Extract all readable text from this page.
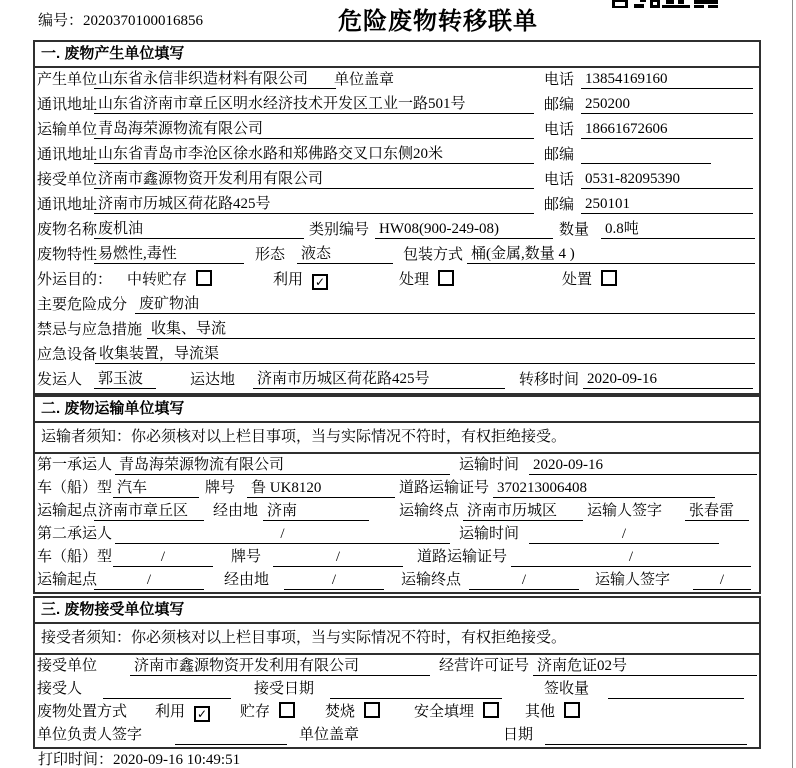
编号：2020370100016856	危险废物转移联单
一. 废物产生单位填写
产生单位 山东省永信非织造材料有限公司	单位盖章	电话 13854169160
通讯地址 山东省济南市章丘区明水经济技术开发区工业一路501号	邮编 250200
运输单位 青岛海荣源物流有限公司	电话 18661672606
通讯地址 山东省青岛市李沧区徐水路和郑佛路交叉口东侧20米	邮编
接受单位 济南市鑫源物资开发利用有限公司	电话 0531-82095390
通讯地址 济南市历城区荷花路425号	邮编 250101
废物名称 废机油	类别编号 HW08(900-249-08)	数量 0.8吨
废物特性 易燃性,毒性	形态 液态	包装方式 桶(金属,数量 4 )
外运目的： 中转贮存	利用 ✓	处理	处置
主要危险成分 废矿物油
禁忌与应急措施 收集、导流
应急设备 收集装置，导流渠
发运人 郭玉波	运达地 济南市历城区荷花路425号	转移时间 2020-09-16
二. 废物运输单位填写
运输者须知：你必须核对以上栏目事项，当与实际情况不符时，有权拒绝接受。
第一承运人 青岛海荣源物流有限公司	运输时间 2020-09-16
车（船）型 汽车	牌号 鲁 UK8120	道路运输证号 370213006408
运输起点 济南市章丘区	经由地 济南	运输终点 济南市历城区	运输人签字 张春雷
第二承运人	/	运输时间	/
车（船）型	/	牌号	/	道路运输证号	/
运输起点	/	经由地	/	运输终点	/	运输人签字	/
三. 废物接受单位填写
接受者须知：你必须核对以上栏目事项，当与实际情况不符时，有权拒绝接受。
接受单位 济南市鑫源物资开发利用有限公司	经营许可证号 济南危证02号
接受人	接受日期	签收量
废物处置方式 利用 ✓ 贮存	焚烧	安全填埋	其他
单位负责人签字	单位盖章	日期
打印时间：2020-09-16 10:49:51
